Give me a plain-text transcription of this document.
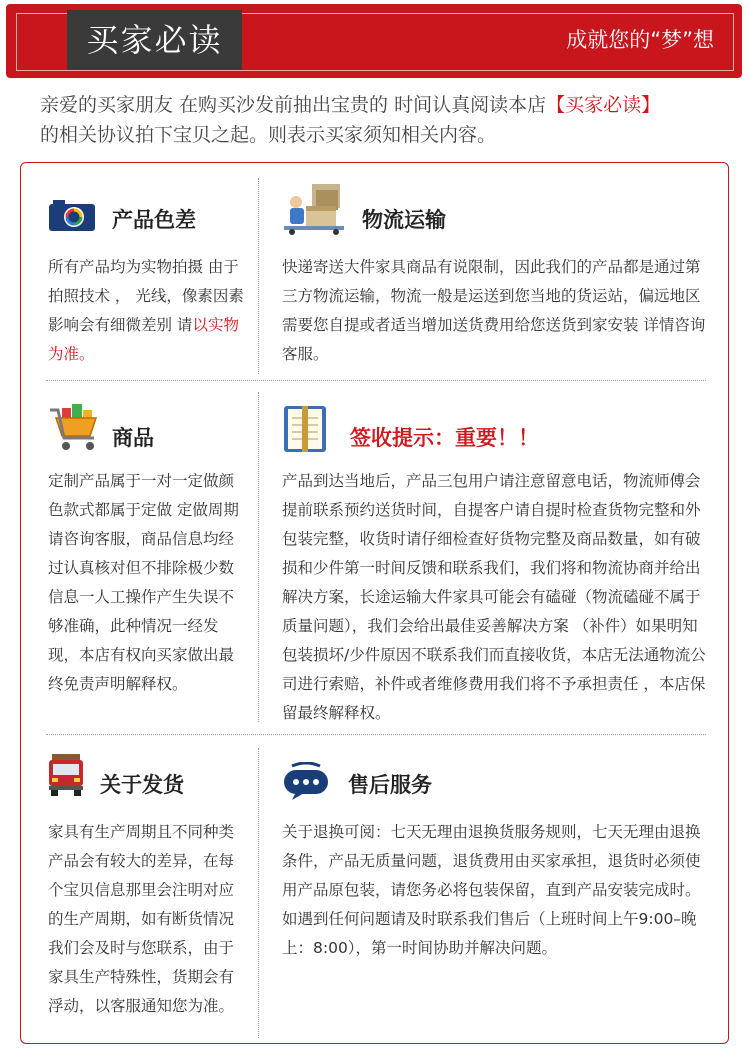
买家必读	成就您的“梦”想
亲爱的买家朋友 在购买沙发前抽出宝贵的 时间认真阅读本店【买家必读】
的相关协议拍下宝贝之起。则表示买家须知相关内容。
产品色差
所有产品均为实物拍摄 由于拍照技术 ， 光线，像素因素影响会有细微差别 请以实物为准。
物流运输
快递寄送大件家具商品有说限制，因此我们的产品都是通过第三方物流运输，物流一般是运送到您当地的货运站，偏远地区需要您自提或者适当增加送货费用给您送货到家安装 详情咨询客服。
商品
定制产品属于一对一定做颜色款式都属于定做 定做周期请咨询客服，商品信息均经过认真核对但不排除极少数信息一人工操作产生失误不够准确，此种情况一经发现，本店有权向买家做出最终免责声明解释权。
签收提示：重要！！
产品到达当地后，产品三包用户请注意留意电话，物流师傅会提前联系预约送货时间，自提客户请自提时检查货物完整和外包装完整，收货时请仔细检查好货物完整及商品数量，如有破损和少件第一时间反馈和联系我们，我们将和物流协商并给出解决方案，长途运输大件家具可能会有磕碰（物流磕碰不属于质量问题），我们会给出最佳妥善解决方案 （补件）如果明知包装损坏/少件原因不联系我们而直接收货，本店无法通物流公司进行索赔，补件或者维修费用我们将不予承担责任 ，本店保留最终解释权。
关于发货
家具有生产周期且不同种类产品会有较大的差异，在每个宝贝信息那里会注明对应的生产周期，如有断货情况我们会及时与您联系，由于家具生产特殊性，货期会有浮动，以客服通知您为准。
售后服务
关于退换可阅：七天无理由退换货服务规则，七天无理由退换条件，产品无质量问题，退货费用由买家承担，退货时必须使用产品原包装，请您务必将包装保留，直到产品安装完成时。 如遇到任何问题请及时联系我们售后（上班时间上午9:00–晚上：8:00），第一时间协助并解决问题。
